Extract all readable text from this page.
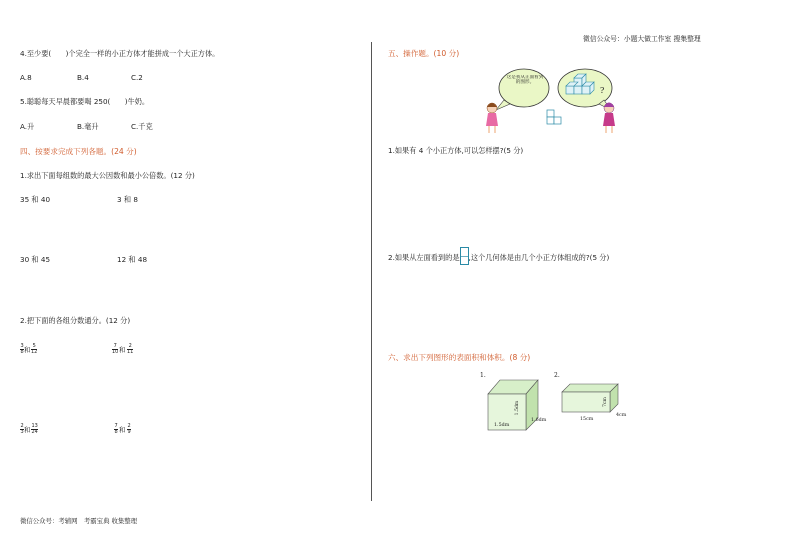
微信公众号：小题大做工作室 搜集整理
微信公众号：考辅网　考霸宝典 收集整理
4.至少要(　　)个完全一样的小正方体才能拼成一个大正方体。
A.8	B.4	C.2
5.聪聪每天早晨都要喝 250(　　)牛奶。
A.升	B.毫升	C.千克
四、按要求完成下列各题。(24 分)
1.求出下面每组数的最大公因数和最小公倍数。(12 分)
35 和 40	3 和 8
30 和 45	12 和 48
2.把下面的各组分数通分。(12 分)
$\frac{3}{8}$ 和 $\frac{5}{12}$	$\frac{7}{10}$ 和 $\frac{2}{11}$
$\frac{2}{3}$ 和 $\frac{13}{24}$	$\frac{7}{8}$ 和 $\frac{2}{9}$
五、操作题。(10 分)
这是我从正面看到的图形。
?
1.如果有 4 个小正方体,可以怎样摆?(5 分)
2.如果从左面看到的是 ,这个几何体是由几个小正方体组成的?(5 分)
六、求出下列图形的表面积和体积。(8 分)
1.
1.5dm
1.5dm
1.6dm
2.
7cm
4cm
15cm
